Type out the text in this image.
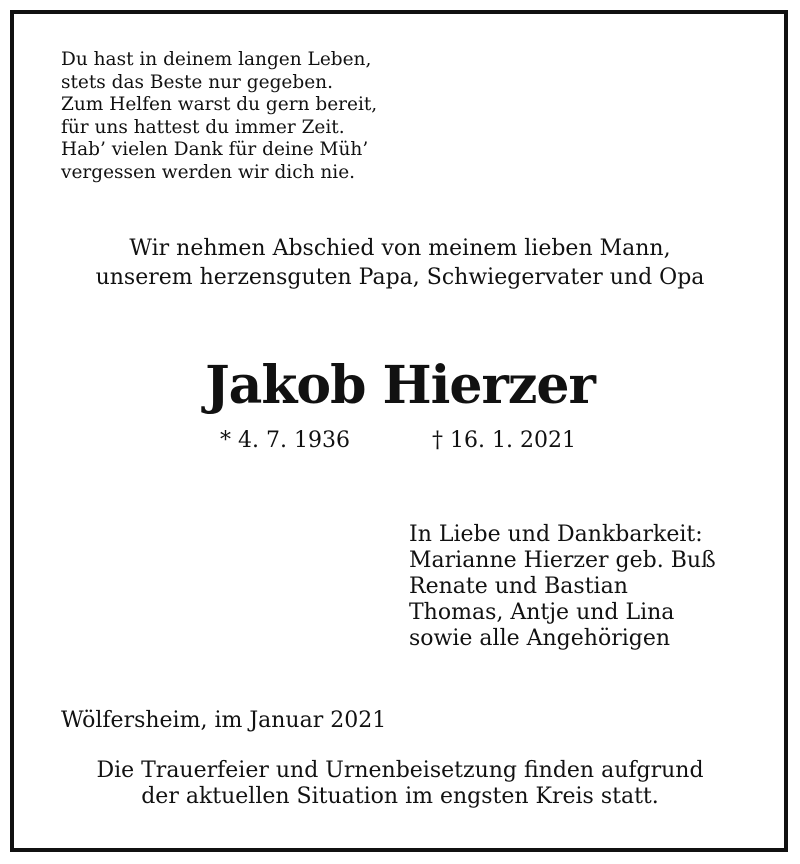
Du hast in deinem langen Leben,
stets das Beste nur gegeben.
Zum Helfen warst du gern bereit,
für uns hattest du immer Zeit.
Hab’ vielen Dank für deine Müh’
vergessen werden wir dich nie.
Wir nehmen Abschied von meinem lieben Mann,
unserem herzensguten Papa, Schwiegervater und Opa
Jakob Hierzer
* 4. 7. 1936	† 16. 1. 2021
In Liebe und Dankbarkeit:
Marianne Hierzer geb. Buß
Renate und Bastian
Thomas, Antje und Lina
sowie alle Angehörigen
Wölfersheim, im Januar 2021
Die Trauerfeier und Urnenbeisetzung finden aufgrund
der aktuellen Situation im engsten Kreis statt.
